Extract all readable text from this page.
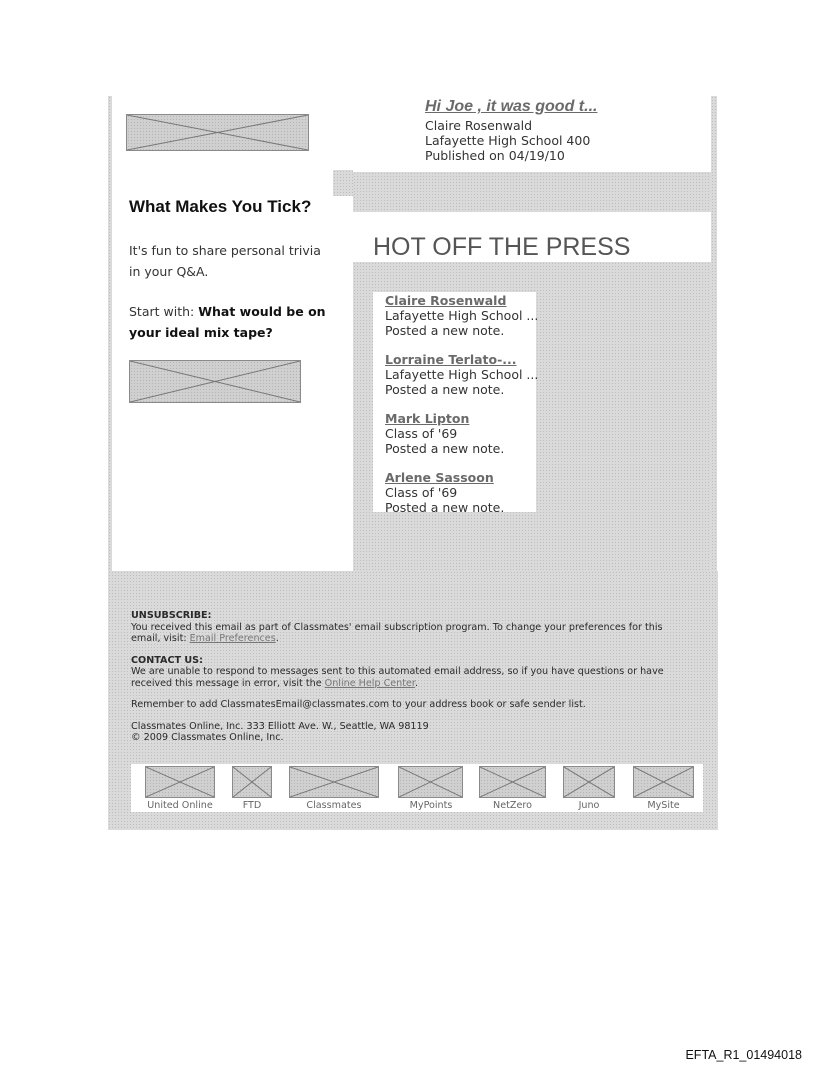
Hi Joe , it was good t...
Claire Rosenwald
Lafayette High School 400
Published on 04/19/10
What Makes You Tick?
It's fun to share personal trivia in your Q&A.
Start with: What would be on your ideal mix tape?
HOT OFF THE PRESS
Claire Rosenwald
Lafayette High School ...
Posted a new note.
Lorraine Terlato-...
Lafayette High School ...
Posted a new note.
Mark Lipton
Class of '69
Posted a new note.
Arlene Sassoon
Class of '69
Posted a new note.
UNSUBSCRIBE:
You received this email as part of Classmates' email subscription program. To change your preferences for this email, visit: Email Preferences.
CONTACT US:
We are unable to respond to messages sent to this automated email address, so if you have questions or have received this message in error, visit the Online Help Center.
Remember to add ClassmatesEmail@classmates.com to your address book or safe sender list.
Classmates Online, Inc. 333 Elliott Ave. W., Seattle, WA 98119
© 2009 Classmates Online, Inc.
United Online	FTD	Classmates	MyPoints	NetZero	Juno	MySite
EFTA_R1_01494018
